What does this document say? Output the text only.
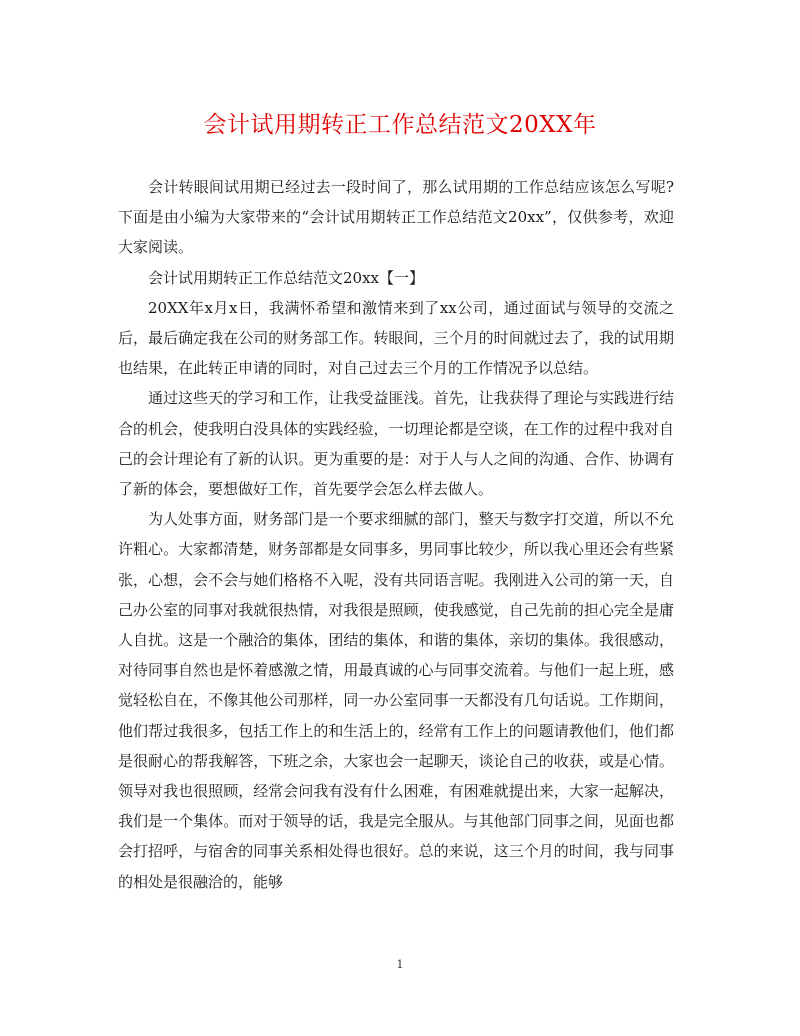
会计试用期转正工作总结范文20XX年

会计转眼间试用期已经过去一段时间了，那么试用期的工作总结应该怎么写呢?下面是由小编为大家带来的“会计试用期转正工作总结范文20xx”，仅供参考，欢迎大家阅读。

会计试用期转正工作总结范文20xx【一】

20XX年x月x日，我满怀希望和激情来到了xx公司，通过面试与领导的交流之后，最后确定我在公司的财务部工作。转眼间，三个月的时间就过去了，我的试用期也结果，在此转正申请的同时，对自己过去三个月的工作情况予以总结。

通过这些天的学习和工作，让我受益匪浅。首先，让我获得了理论与实践进行结合的机会，使我明白没具体的实践经验，一切理论都是空谈，在工作的过程中我对自己的会计理论有了新的认识。更为重要的是：对于人与人之间的沟通、合作、协调有了新的体会，要想做好工作，首先要学会怎么样去做人。

为人处事方面，财务部门是一个要求细腻的部门，整天与数字打交道，所以不允许粗心。大家都清楚，财务部都是女同事多，男同事比较少，所以我心里还会有些紧张，心想，会不会与她们格格不入呢，没有共同语言呢。我刚进入公司的第一天，自己办公室的同事对我就很热情，对我很是照顾，使我感觉，自己先前的担心完全是庸人自扰。这是一个融洽的集体，团结的集体，和谐的集体，亲切的集体。我很感动，对待同事自然也是怀着感激之情，用最真诚的心与同事交流着。与他们一起上班，感觉轻松自在，不像其他公司那样，同一办公室同事一天都没有几句话说。工作期间，他们帮过我很多，包括工作上的和生活上的，经常有工作上的问题请教他们，他们都是很耐心的帮我解答，下班之余，大家也会一起聊天，谈论自己的收获，或是心情。领导对我也很照顾，经常会问我有没有什么困难，有困难就提出来，大家一起解决，我们是一个集体。而对于领导的话，我是完全服从。与其他部门同事之间，见面也都会打招呼，与宿舍的同事关系相处得也很好。总的来说，这三个月的时间，我与同事的相处是很融洽的，能够

1
